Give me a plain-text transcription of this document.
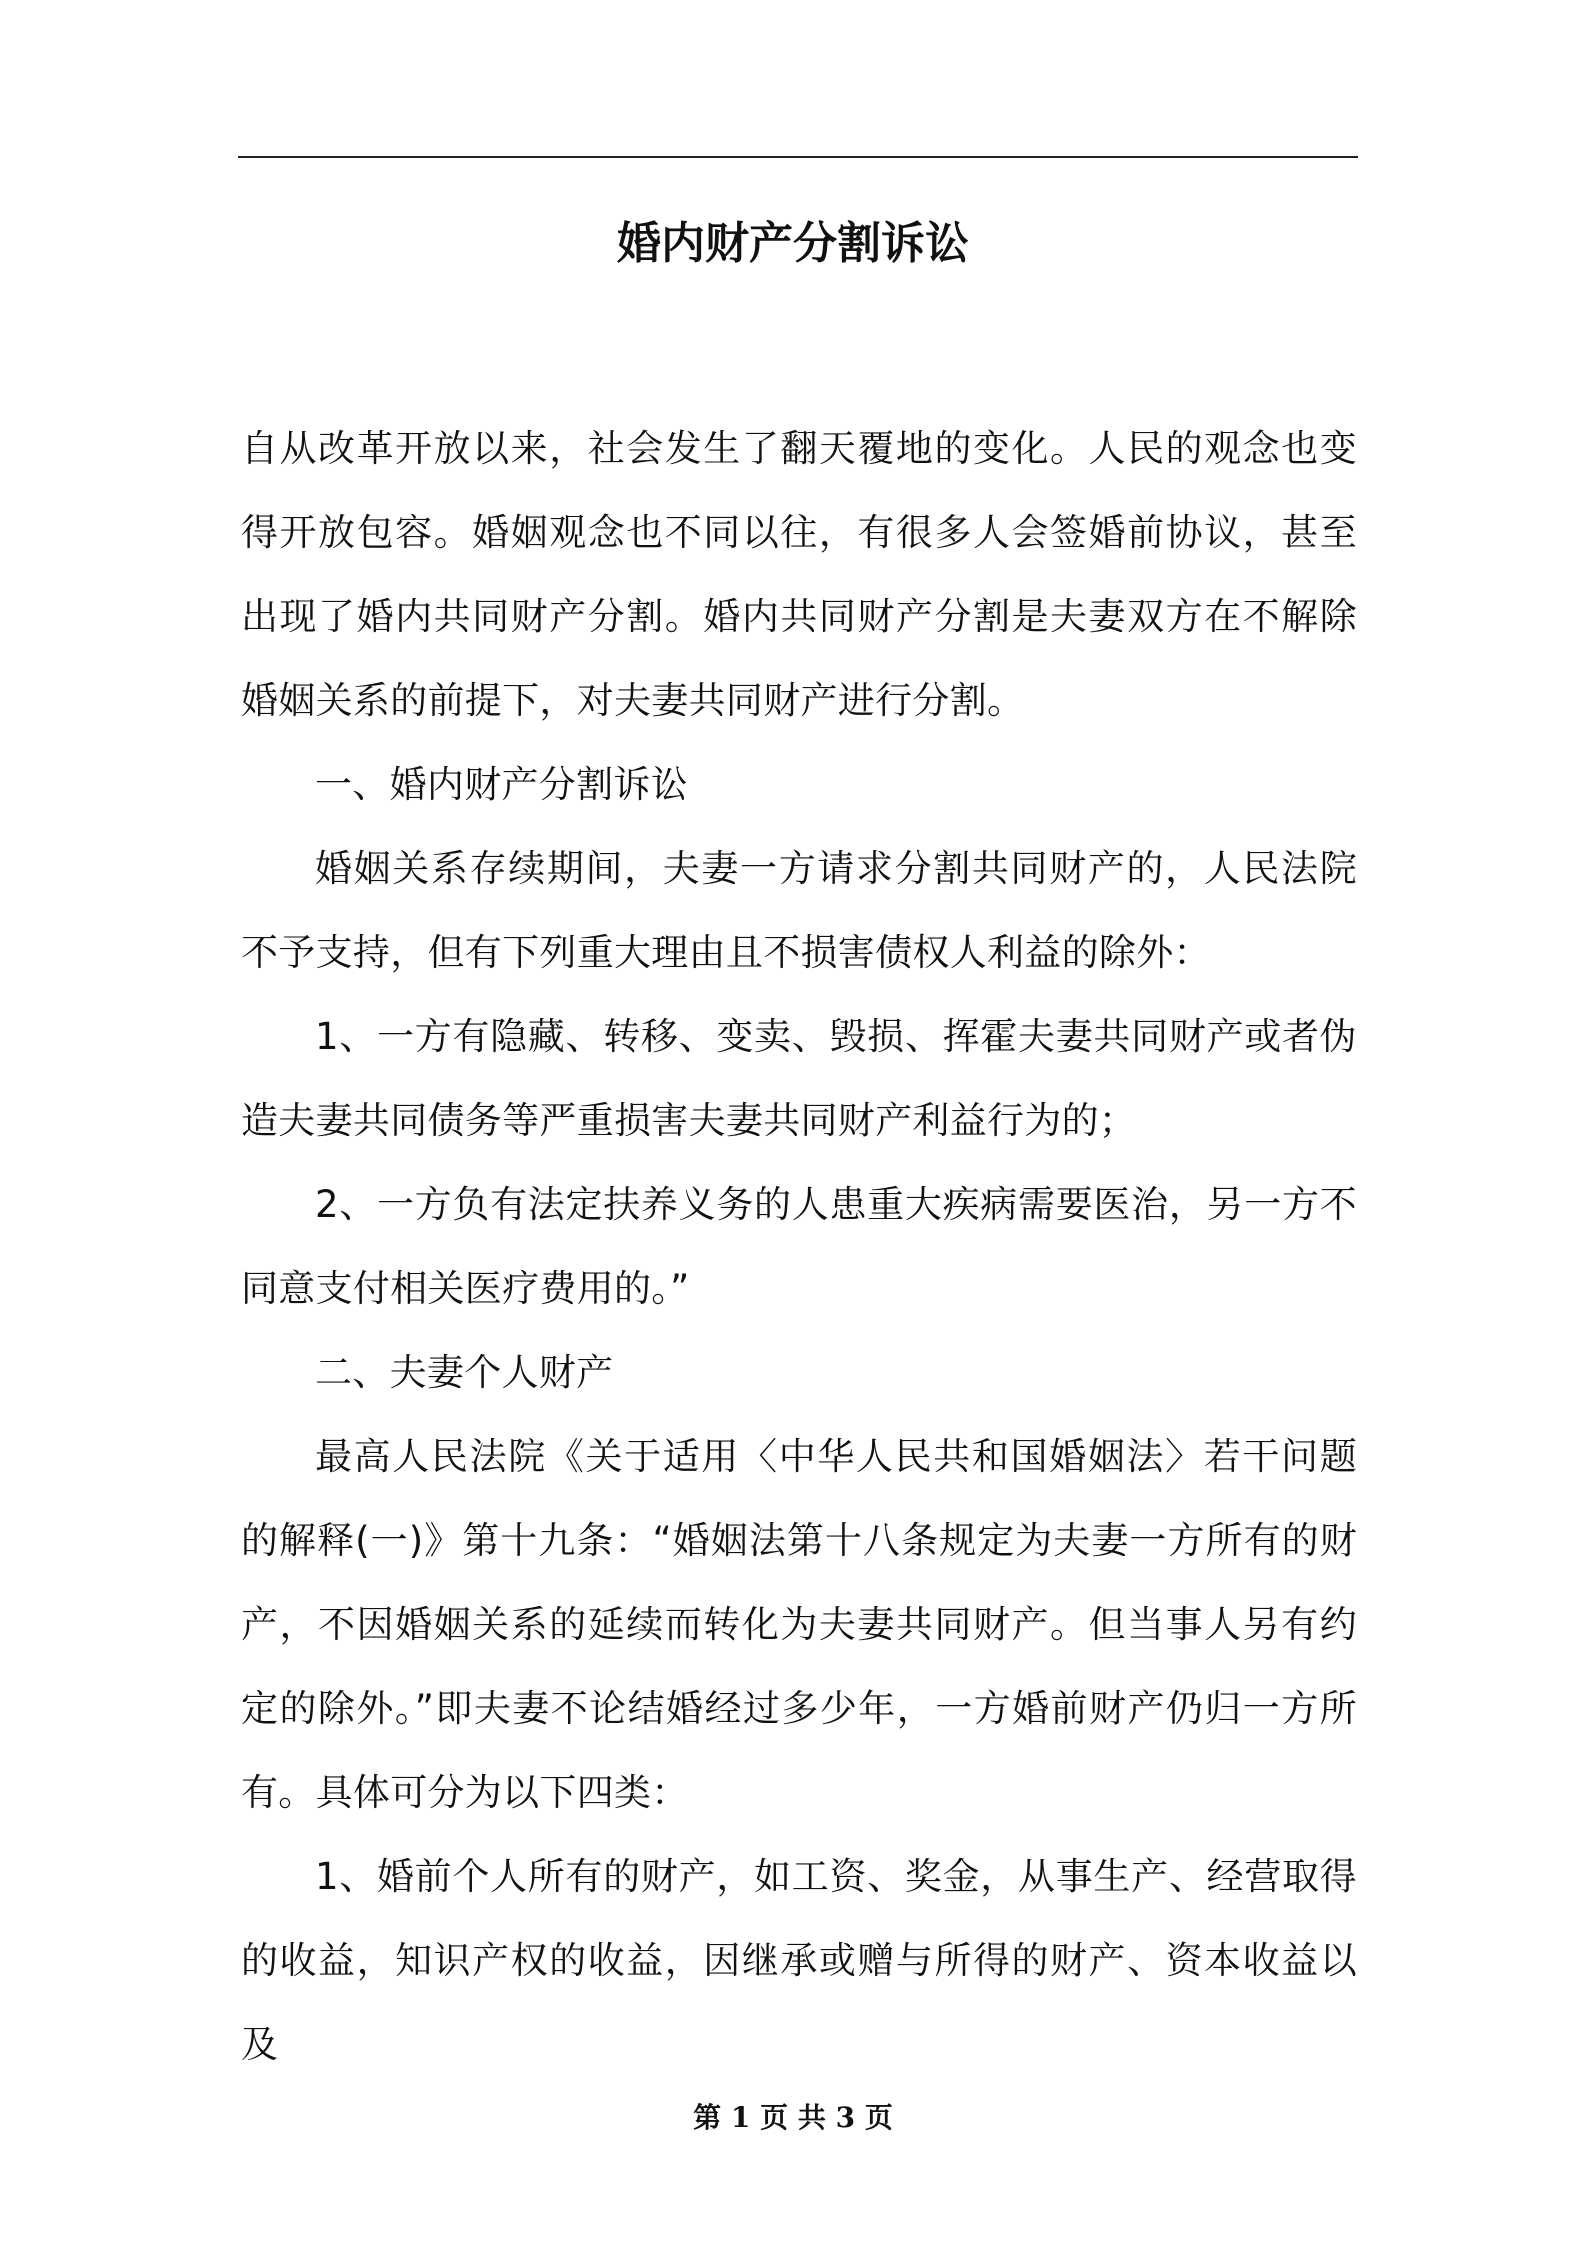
婚内财产分割诉讼

自从改革开放以来，社会发生了翻天覆地的变化。人民的观念也变得开放包容。婚姻观念也不同以往，有很多人会签婚前协议，甚至出现了婚内共同财产分割。婚内共同财产分割是夫妻双方在不解除婚姻关系的前提下，对夫妻共同财产进行分割。

一、婚内财产分割诉讼

婚姻关系存续期间，夫妻一方请求分割共同财产的，人民法院不予支持，但有下列重大理由且不损害债权人利益的除外：

1、一方有隐藏、转移、变卖、毁损、挥霍夫妻共同财产或者伪造夫妻共同债务等严重损害夫妻共同财产利益行为的；

2、一方负有法定扶养义务的人患重大疾病需要医治，另一方不同意支付相关医疗费用的。”

二、夫妻个人财产

最高人民法院《关于适用〈中华人民共和国婚姻法〉若干问题的解释(一)》第十九条：“婚姻法第十八条规定为夫妻一方所有的财产，不因婚姻关系的延续而转化为夫妻共同财产。但当事人另有约定的除外。”即夫妻不论结婚经过多少年，一方婚前财产仍归一方所有。具体可分为以下四类：

1、婚前个人所有的财产，如工资、奖金，从事生产、经营取得的收益，知识产权的收益，因继承或赠与所得的财产、资本收益以及

第 1 页 共 3 页
